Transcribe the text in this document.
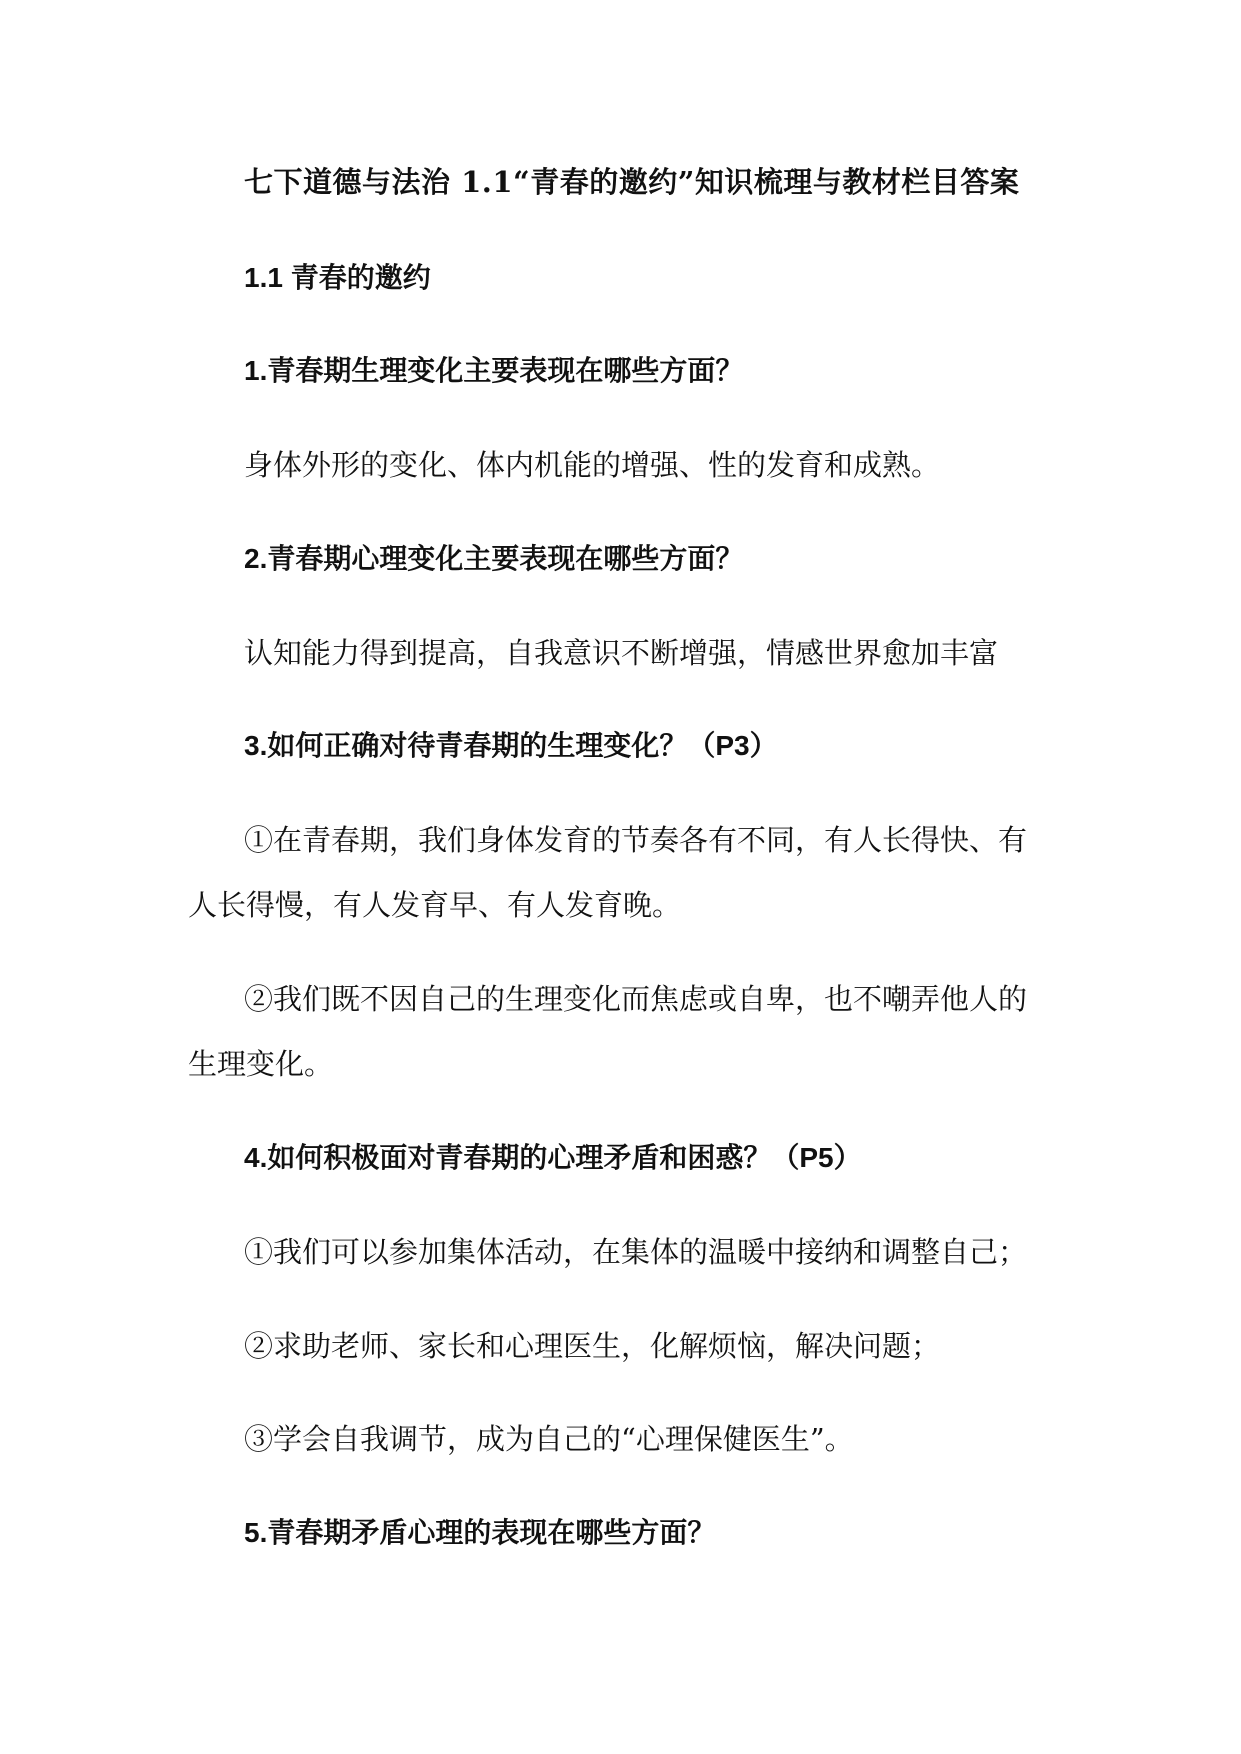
七下道德与法治 1.1“青春的邀约”知识梳理与教材栏目答案
1.1 青春的邀约
1.青春期生理变化主要表现在哪些方面？
身体外形的变化、体内机能的增强、性的发育和成熟。
2.青春期心理变化主要表现在哪些方面？
认知能力得到提高，自我意识不断增强，情感世界愈加丰富
3.如何正确对待青春期的生理变化？（P3）
①在青春期，我们身体发育的节奏各有不同，有人长得快、有
人长得慢，有人发育早、有人发育晚。
②我们既不因自己的生理变化而焦虑或自卑，也不嘲弄他人的
生理变化。
4.如何积极面对青春期的心理矛盾和困惑？（P5）
①我们可以参加集体活动，在集体的温暖中接纳和调整自己；
②求助老师、家长和心理医生，化解烦恼，解决问题；
③学会自我调节，成为自己的“心理保健医生”。
5.青春期矛盾心理的表现在哪些方面？
